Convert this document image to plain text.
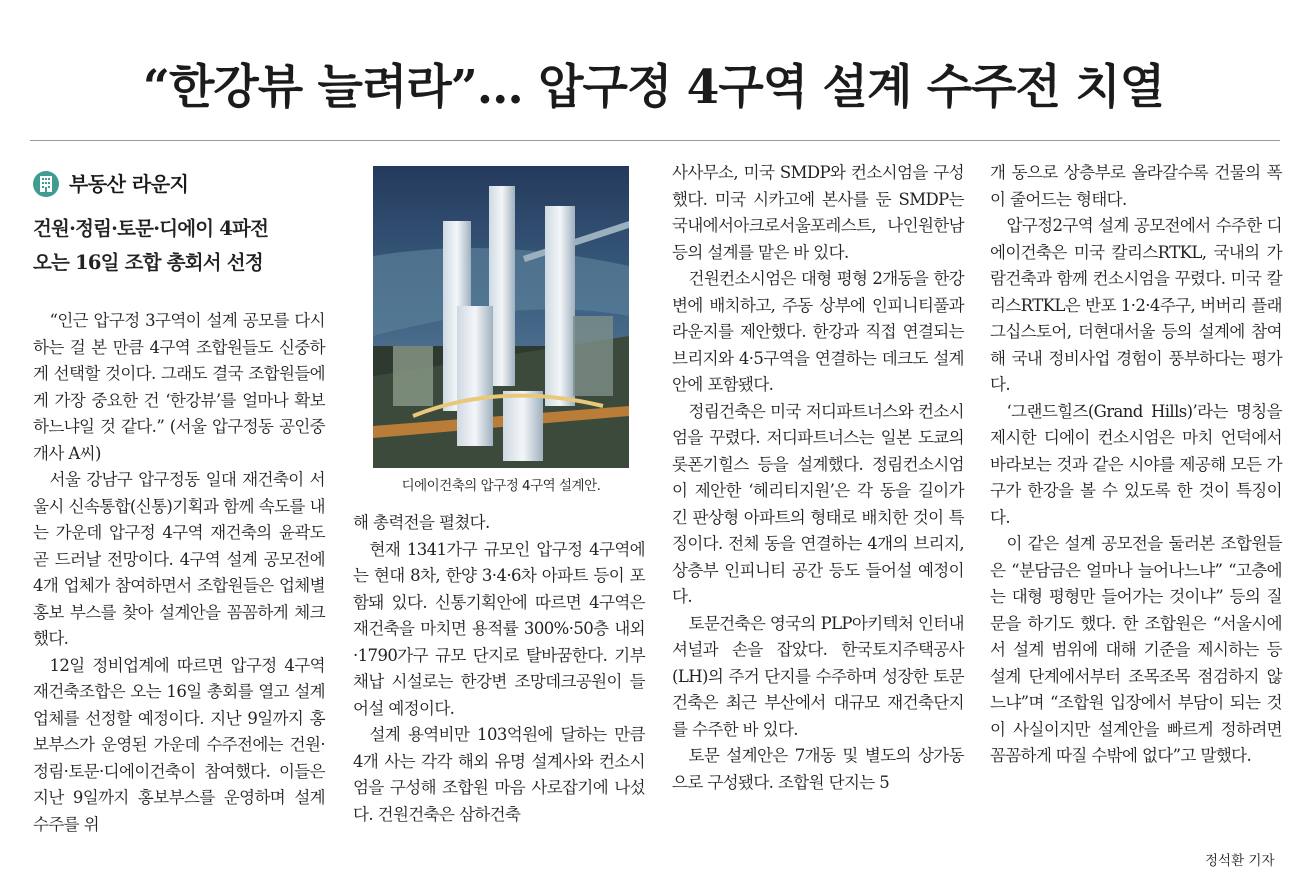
“한강뷰 늘려라”… 압구정 4구역 설계 수주전 치열
부동산 라운지
건원·정림·토문·디에이 4파전
오는 16일 조합 총회서 선정

“인근 압구정 3구역이 설계 공모를 다시 하는 걸 본 만큼 4구역 조합원들도 신중하게 선택할 것이다. 그래도 결국 조합원들에게 가장 중요한 건 ‘한강뷰’를 얼마나 확보하느냐일 것 같다.” (서울 압구정동 공인중개사 A씨)

서울 강남구 압구정동 일대 재건축이 서울시 신속통합(신통)기획과 함께 속도를 내는 가운데 압구정 4구역 재건축의 윤곽도 곧 드러날 전망이다. 4구역 설계 공모전에 4개 업체가 참여하면서 조합원들은 업체별 홍보 부스를 찾아 설계안을 꼼꼼하게 체크했다.

12일 정비업계에 따르면 압구정 4구역 재건축조합은 오는 16일 총회를 열고 설계업체를 선정할 예정이다. 지난 9일까지 홍보부스가 운영된 가운데 수주전에는 건원·정림·토문·디에이건축이 참여했다. 이들은 지난 9일까지 홍보부스를 운영하며 설계 수주를 위

디에이건축의 압구정 4구역 설계안.

해 총력전을 펼쳤다.

현재 1341가구 규모인 압구정 4구역에는 현대 8차, 한양 3·4·6차 아파트 등이 포함돼 있다. 신통기획안에 따르면 4구역은 재건축을 마치면 용적률 300%·50층 내외·1790가구 규모 단지로 탈바꿈한다. 기부채납 시설로는 한강변 조망데크공원이 들어설 예정이다.

설계 용역비만 103억원에 달하는 만큼 4개 사는 각각 해외 유명 설계사와 컨소시엄을 구성해 조합원 마음 사로잡기에 나섰다. 건원건축은 삼하건축

사사무소, 미국 SMDP와 컨소시엄을 구성했다. 미국 시카고에 본사를 둔 SMDP는국내에서아크로서울포레스트, 나인원한남 등의 설계를 맡은 바 있다.

건원컨소시엄은 대형 평형 2개동을 한강변에 배치하고, 주동 상부에 인피니티풀과 라운지를 제안했다. 한강과 직접 연결되는 브리지와 4·5구역을 연결하는 데크도 설계안에 포함됐다.

정림건축은 미국 저디파트너스와 컨소시엄을 꾸렸다. 저디파트너스는 일본 도쿄의 롯폰기힐스 등을 설계했다. 정림컨소시엄이 제안한 ‘헤리티지원’은 각 동을 길이가 긴 판상형 아파트의 형태로 배치한 것이 특징이다. 전체 동을 연결하는 4개의 브리지, 상층부 인피니티 공간 등도 들어설 예정이다.

토문건축은 영국의 PLP아키텍처 인터내셔널과 손을 잡았다. 한국토지주택공사(LH)의 주거 단지를 수주하며 성장한 토문건축은 최근 부산에서 대규모 재건축단지를 수주한 바 있다.

토문 설계안은 7개동 및 별도의 상가동으로 구성됐다. 조합원 단지는 5

개 동으로 상층부로 올라갈수록 건물의 폭이 줄어드는 형태다.

압구정2구역 설계 공모전에서 수주한 디에이건축은 미국 칼리스RTKL, 국내의 가람건축과 함께 컨소시엄을 꾸렸다. 미국 칼리스RTKL은 반포 1·2·4주구, 버버리 플래그십스토어, 더현대서울 등의 설계에 참여해 국내 정비사업 경험이 풍부하다는 평가다.

‘그랜드힐즈(Grand Hills)’라는 명칭을 제시한 디에이 컨소시엄은 마치 언덕에서 바라보는 것과 같은 시야를 제공해 모든 가구가 한강을 볼 수 있도록 한 것이 특징이다.

이 같은 설계 공모전을 둘러본 조합원들은 “분담금은 얼마나 늘어나느냐” “고층에는 대형 평형만 들어가는 것이냐” 등의 질문을 하기도 했다. 한 조합원은 “서울시에서 설계 범위에 대해 기준을 제시하는 등 설계 단계에서부터 조목조목 점검하지 않느냐”며 “조합원 입장에서 부담이 되는 것이 사실이지만 설계안을 빠르게 정하려면 꼼꼼하게 따질 수밖에 없다”고 말했다.

정석환 기자
